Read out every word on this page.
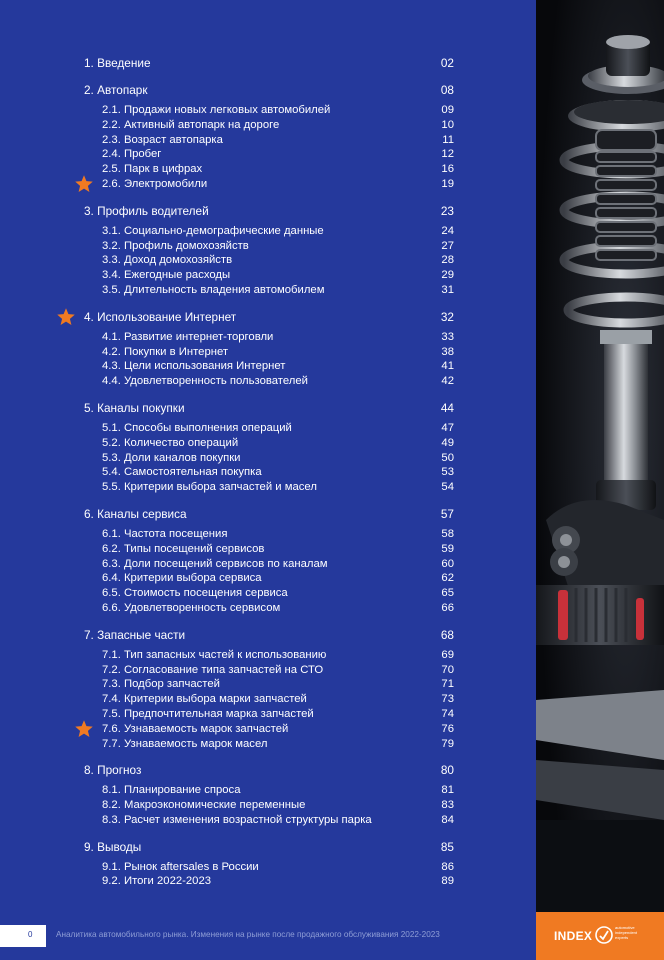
1. Введение	02
2. Автопарк	08
2.1. Продажи новых легковых автомобилей	09
2.2. Активный автопарк на дороге	10
2.3. Возраст автопарка	11
2.4. Пробег	12
2.5. Парк в цифрах	16
2.6. Электромобили	19
3. Профиль водителей	23
3.1. Социально-демографические данные	24
3.2. Профиль домохозяйств	27
3.3. Доход домохозяйств	28
3.4. Ежегодные расходы	29
3.5. Длительность владения автомобилем	31
4. Использование Интернет	32
4.1. Развитие интернет-торговли	33
4.2. Покупки в Интернет	38
4.3. Цели использования Интернет	41
4.4. Удовлетворенность пользователей	42
5. Каналы покупки	44
5.1. Способы выполнения операций	47
5.2. Количество операций	49
5.3. Доли каналов покупки	50
5.4. Самостоятельная покупка	53
5.5. Критерии выбора запчастей и масел	54
6. Каналы сервиса	57
6.1. Частота посещения	58
6.2. Типы посещений сервисов	59
6.3. Доли посещений сервисов по каналам	60
6.4. Критерии выбора сервиса	62
6.5. Стоимость посещения сервиса	65
6.6. Удовлетворенность сервисом	66
7. Запасные части	68
7.1. Тип запасных частей к использованию	69
7.2. Согласование типа запчастей на СТО	70
7.3. Подбор запчастей	71
7.4. Критерии выбора марки запчастей	73
7.5. Предпочтительная марка запчастей	74
7.6. Узнаваемость марок запчастей	76
7.7. Узнаваемость марок масел	79
8. Прогноз	80
8.1. Планирование спроса	81
8.2. Макроэкономические переменные	83
8.3. Расчет изменения возрастной структуры парка	84
9. Выводы	85
9.1. Рынок aftersales в России	86
9.2. Итоги 2022-2023	89
0	Аналитика автомобильного рынка. Изменения на рынке после продажного обслуживания 2022-2023	INDEX
automotive
independent
experts
